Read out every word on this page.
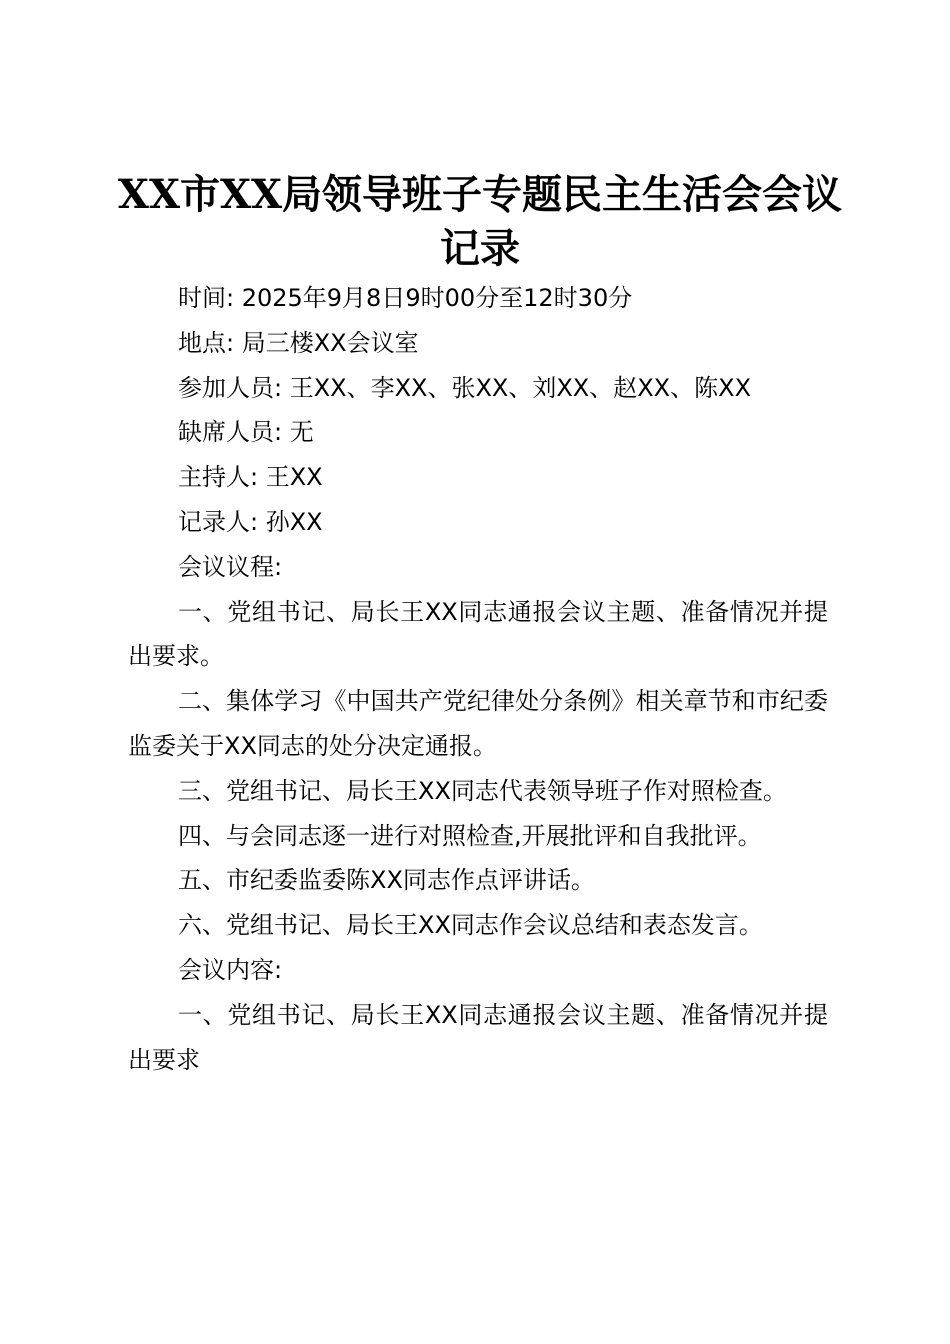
XX市XX局领导班子专题民主生活会会议记录

时间: 2025年9月8日9时00分至12时30分

地点: 局三楼XX会议室

参加人员: 王XX、李XX、张XX、刘XX、赵XX、陈XX

缺席人员: 无

主持人: 王XX

记录人: 孙XX

会议议程:

一、党组书记、局长王XX同志通报会议主题、准备情况并提出要求。

二、集体学习《中国共产党纪律处分条例》相关章节和市纪委监委关于XX同志的处分决定通报。

三、党组书记、局长王XX同志代表领导班子作对照检查。

四、与会同志逐一进行对照检查,开展批评和自我批评。

五、市纪委监委陈XX同志作点评讲话。

六、党组书记、局长王XX同志作会议总结和表态发言。

会议内容:

一、党组书记、局长王XX同志通报会议主题、准备情况并提出要求
